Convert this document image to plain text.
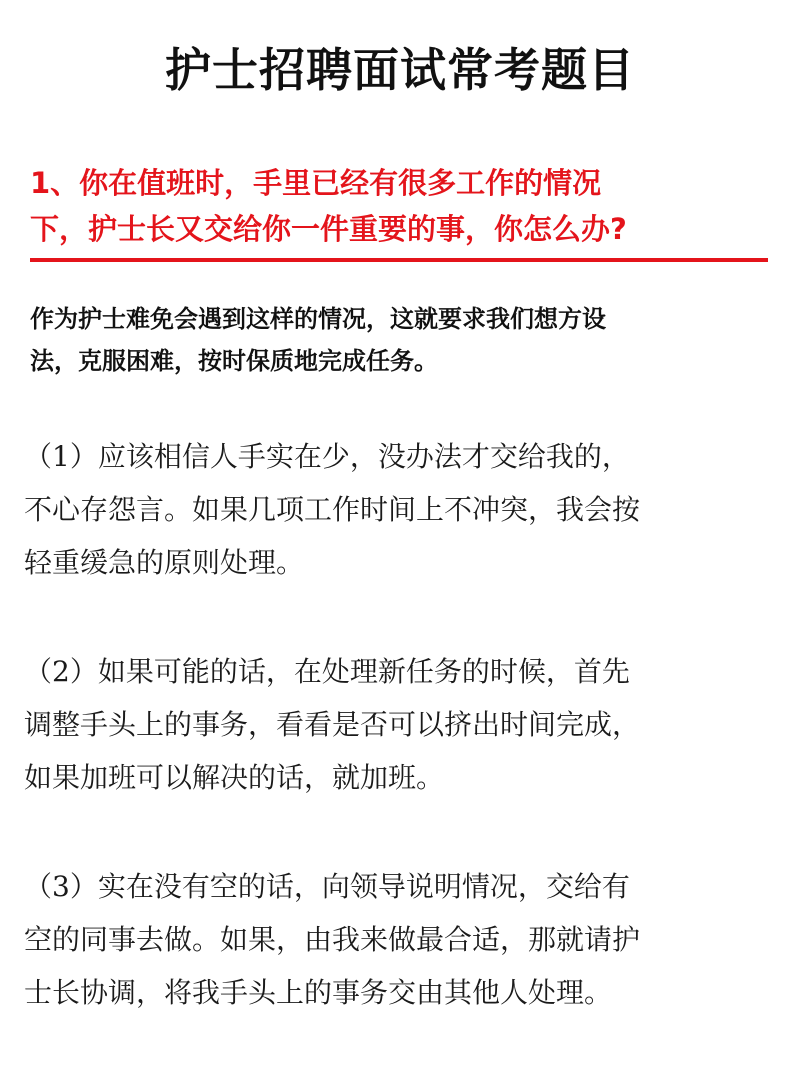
护士招聘面试常考题目
1、你在值班时，手里已经有很多工作的情况
下，护士长又交给你一件重要的事，你怎么办?
作为护士难免会遇到这样的情况，这就要求我们想方设
法，克服困难，按时保质地完成任务。
（1）应该相信人手实在少，没办法才交给我的，
不心存怨言。如果几项工作时间上不冲突，我会按
轻重缓急的原则处理。
（2）如果可能的话，在处理新任务的时候，首先
调整手头上的事务，看看是否可以挤出时间完成，
如果加班可以解决的话，就加班。
（3）实在没有空的话，向领导说明情况，交给有
空的同事去做。如果，由我来做最合适，那就请护
士长协调，将我手头上的事务交由其他人处理。
